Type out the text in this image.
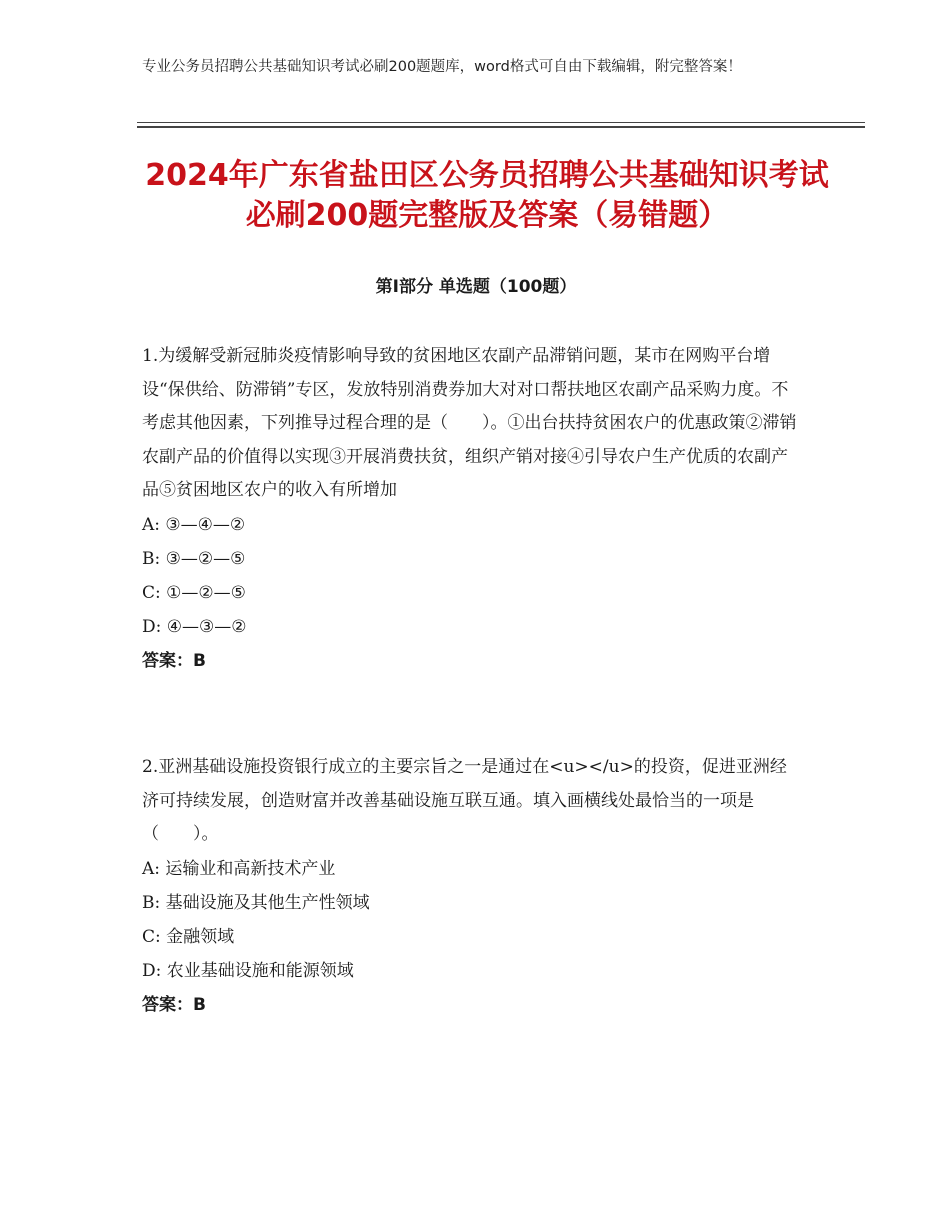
专业公务员招聘公共基础知识考试必刷200题题库，word格式可自由下载编辑，附完整答案！
2024年广东省盐田区公务员招聘公共基础知识考试必刷200题完整版及答案（易错题）
第Ⅰ部分 单选题（100题）

1.为缓解受新冠肺炎疫情影响导致的贫困地区农副产品滞销问题，某市在网购平台增设“保供给、防滞销”专区，发放特别消费券加大对对口帮扶地区农副产品采购力度。不考虑其他因素，下列推导过程合理的是（　　）。①出台扶持贫困农户的优惠政策②滞销农副产品的价值得以实现③开展消费扶贫，组织产销对接④引导农户生产优质的农副产品⑤贫困地区农户的收入有所增加

A: ③—④—②
B: ③—②—⑤
C: ①—②—⑤
D: ④—③—②
答案：B

2.亚洲基础设施投资银行成立的主要宗旨之一是通过在<u></u>的投资，促进亚洲经济可持续发展，创造财富并改善基础设施互联互通。填入画横线处最恰当的一项是（　　）。

A: 运输业和高新技术产业
B: 基础设施及其他生产性领域
C: 金融领域
D: 农业基础设施和能源领域
答案：B
